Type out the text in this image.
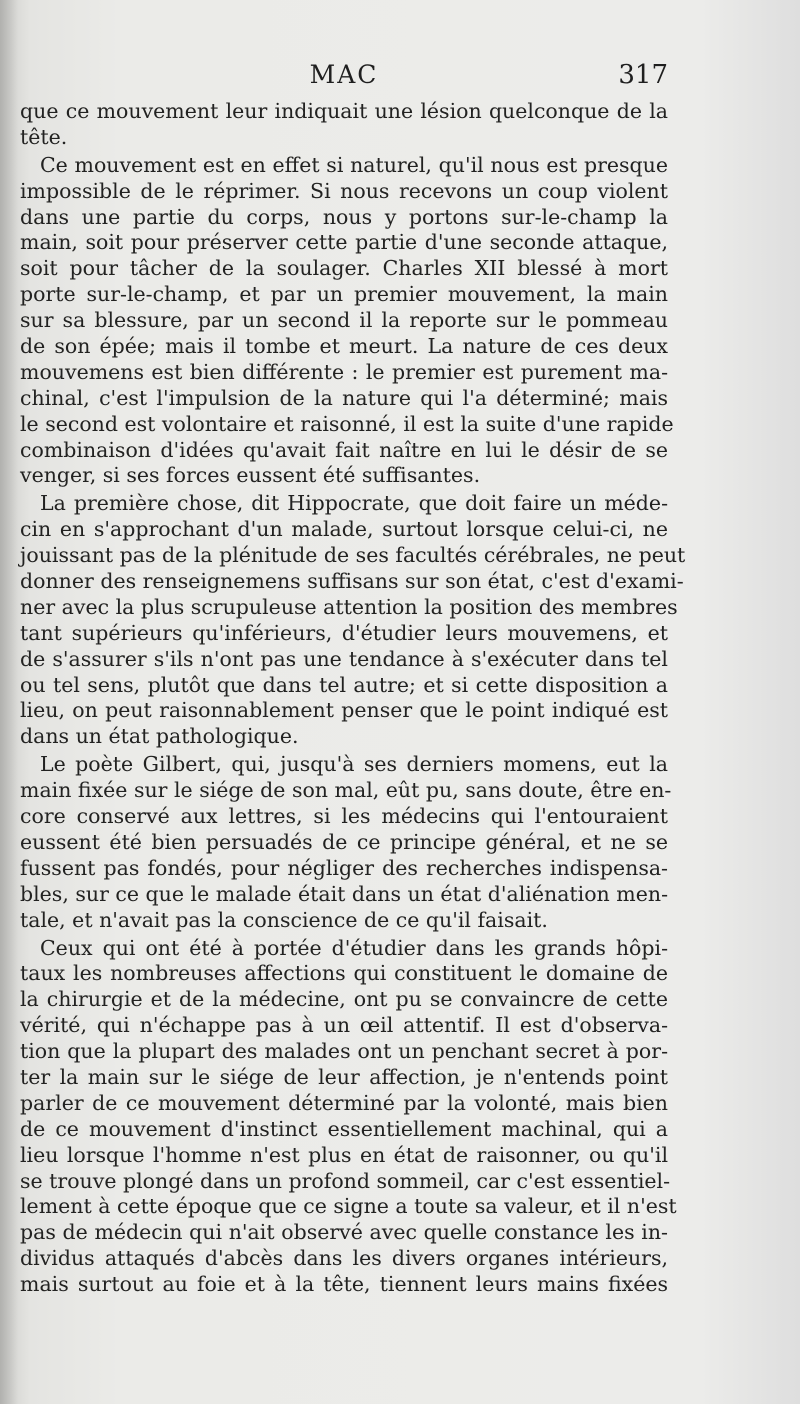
MAC	317
que ce mouvement leur indiquait une lésion quelconque de la
tête.
Ce mouvement est en effet si naturel, qu'il nous est presque
impossible de le réprimer. Si nous recevons un coup violent
dans une partie du corps, nous y portons sur-le-champ la
main, soit pour préserver cette partie d'une seconde attaque,
soit pour tâcher de la soulager. Charles XII blessé à mort
porte sur-le-champ, et par un premier mouvement, la main
sur sa blessure, par un second il la reporte sur le pommeau
de son épée; mais il tombe et meurt. La nature de ces deux
mouvemens est bien différente : le premier est purement ma-
chinal, c'est l'impulsion de la nature qui l'a déterminé; mais
le second est volontaire et raisonné, il est la suite d'une rapide
combinaison d'idées qu'avait fait naître en lui le désir de se
venger, si ses forces eussent été suffisantes.
La première chose, dit Hippocrate, que doit faire un méde-
cin en s'approchant d'un malade, surtout lorsque celui-ci, ne
jouissant pas de la plénitude de ses facultés cérébrales, ne peut
donner des renseignemens suffisans sur son état, c'est d'exami-
ner avec la plus scrupuleuse attention la position des membres
tant supérieurs qu'inférieurs, d'étudier leurs mouvemens, et
de s'assurer s'ils n'ont pas une tendance à s'exécuter dans tel
ou tel sens, plutôt que dans tel autre; et si cette disposition a
lieu, on peut raisonnablement penser que le point indiqué est
dans un état pathologique.
Le poète Gilbert, qui, jusqu'à ses derniers momens, eut la
main fixée sur le siége de son mal, eût pu, sans doute, être en-
core conservé aux lettres, si les médecins qui l'entouraient
eussent été bien persuadés de ce principe général, et ne se
fussent pas fondés, pour négliger des recherches indispensa-
bles, sur ce que le malade était dans un état d'aliénation men-
tale, et n'avait pas la conscience de ce qu'il faisait.
Ceux qui ont été à portée d'étudier dans les grands hôpi-
taux les nombreuses affections qui constituent le domaine de
la chirurgie et de la médecine, ont pu se convaincre de cette
vérité, qui n'échappe pas à un œil attentif. Il est d'observa-
tion que la plupart des malades ont un penchant secret à por-
ter la main sur le siége de leur affection, je n'entends point
parler de ce mouvement déterminé par la volonté, mais bien
de ce mouvement d'instinct essentiellement machinal, qui a
lieu lorsque l'homme n'est plus en état de raisonner, ou qu'il
se trouve plongé dans un profond sommeil, car c'est essentiel-
lement à cette époque que ce signe a toute sa valeur, et il n'est
pas de médecin qui n'ait observé avec quelle constance les in-
dividus attaqués d'abcès dans les divers organes intérieurs,
mais surtout au foie et à la tête, tiennent leurs mains fixées
